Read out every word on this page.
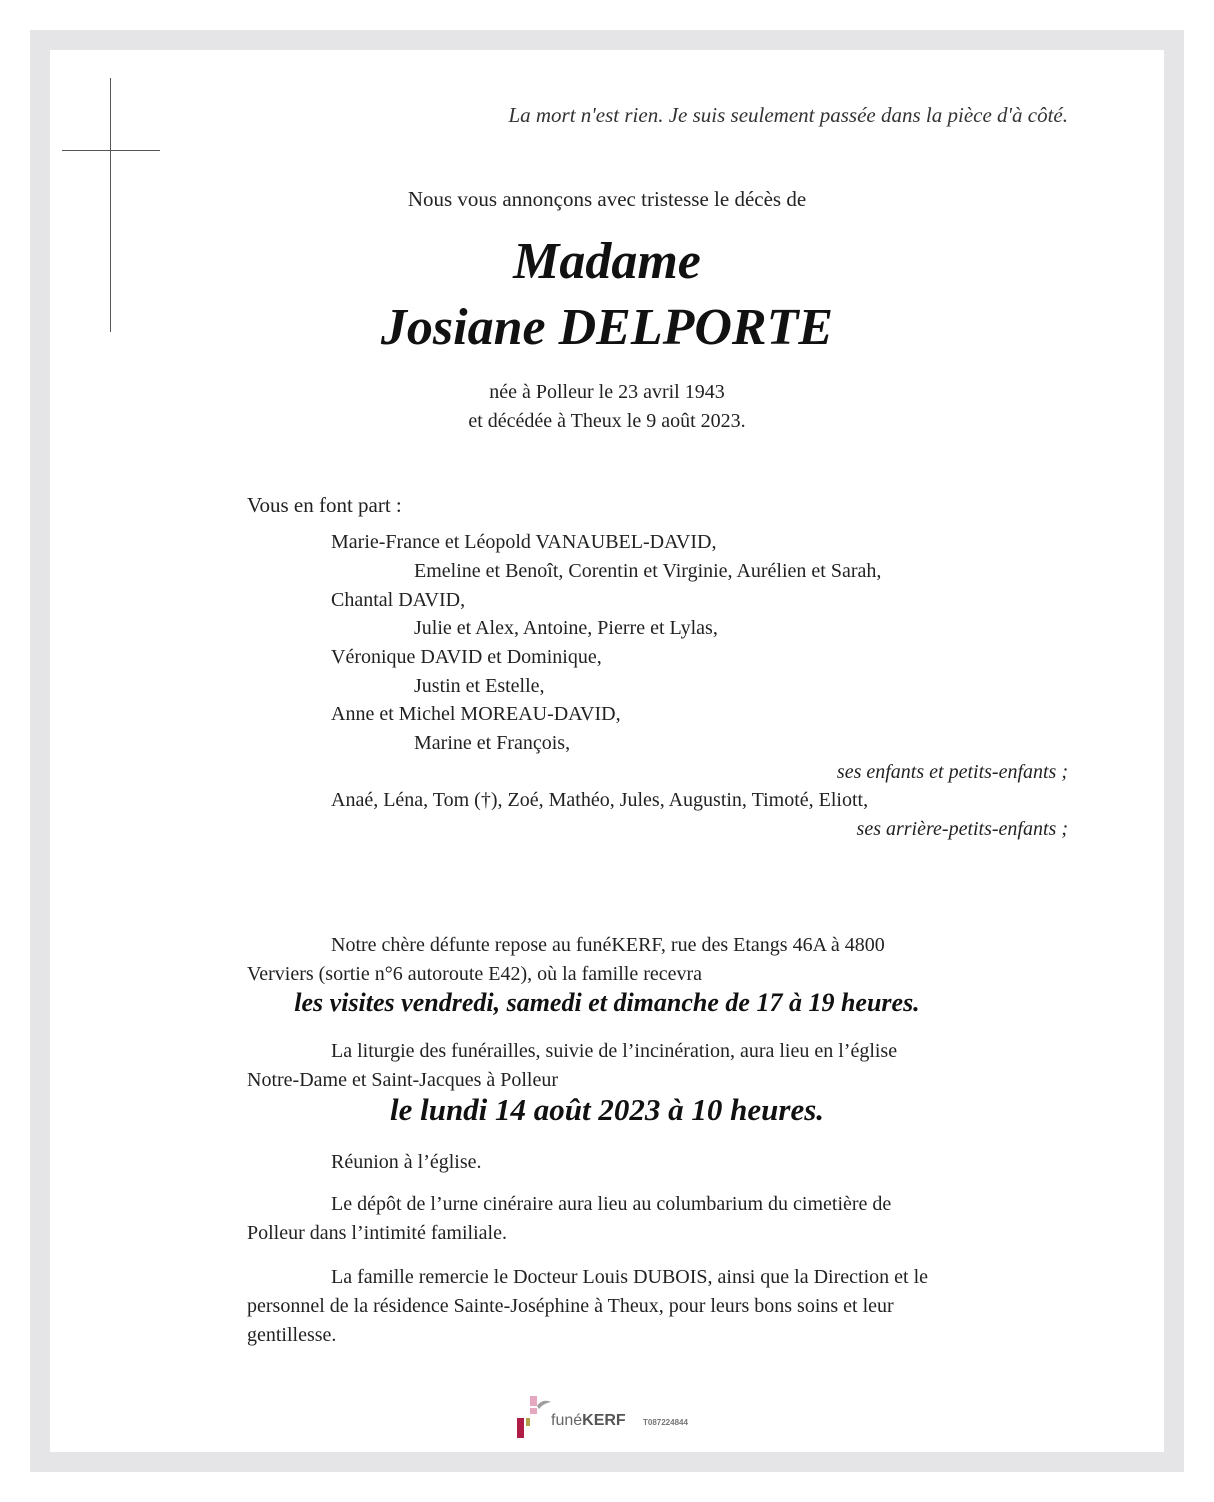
La mort n'est rien. Je suis seulement passée dans la pièce d'à côté.
Nous vous annonçons avec tristesse le décès de
Madame
Josiane DELPORTE
née à Polleur le 23 avril 1943
et décédée à Theux le 9 août 2023.
Vous en font part :
Marie-France et Léopold VANAUBEL-DAVID,
Emeline et Benoît, Corentin et Virginie, Aurélien et Sarah,
Chantal DAVID,
Julie et Alex, Antoine, Pierre et Lylas,
Véronique DAVID et Dominique,
Justin et Estelle,
Anne et Michel MOREAU-DAVID,
Marine et François,
ses enfants et petits-enfants ;
Anaé, Léna, Tom (†), Zoé, Mathéo, Jules, Augustin, Timoté, Eliott,
ses arrière-petits-enfants ;
Notre chère défunte repose au funéKERF, rue des Etangs 46A à 4800
Verviers (sortie n°6 autoroute E42), où la famille recevra
les visites vendredi, samedi et dimanche de 17 à 19 heures.
La liturgie des funérailles, suivie de l’incinération, aura lieu en l’église
Notre-Dame et Saint-Jacques à Polleur
le lundi 14 août 2023 à 10 heures.
Réunion à l’église.
Le dépôt de l’urne cinéraire aura lieu au columbarium du cimetière de
Polleur dans l’intimité familiale.
La famille remercie le Docteur Louis DUBOIS, ainsi que la Direction et le
personnel de la résidence Sainte-Joséphine à Theux, pour leurs bons soins et leur
gentillesse.
funéKERF T087224844
